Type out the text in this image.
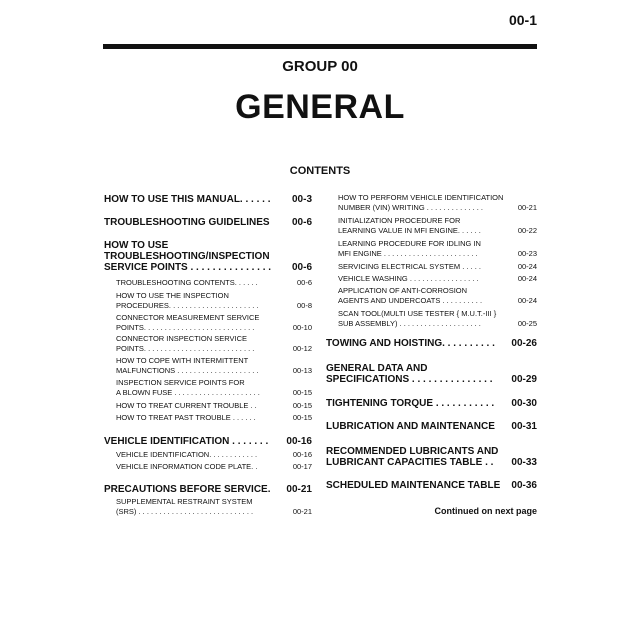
00-1
GROUP 00
GENERAL
CONTENTS
HOW TO USE THIS MANUAL. . . . . . 00-3
TROUBLESHOOTING GUIDELINES 00-6
HOW TO USE
TROUBLESHOOTING/INSPECTION
SERVICE POINTS . . . . . . . . . . . . . . . 00-6
TROUBLESHOOTING CONTENTS. . . . . .	00-6
HOW TO USE THE INSPECTION
PROCEDURES. . . . . . . . . . . . . . . . . . . . . .	00-8
CONNECTOR MEASUREMENT SERVICE
POINTS. . . . . . . . . . . . . . . . . . . . . . . . . . .	00-10
CONNECTOR INSPECTION SERVICE
POINTS. . . . . . . . . . . . . . . . . . . . . . . . . . .	00-12
HOW TO COPE WITH INTERMITTENT
MALFUNCTIONS . . . . . . . . . . . . . . . . . . . .	00-13
INSPECTION SERVICE POINTS FOR
A BLOWN FUSE . . . . . . . . . . . . . . . . . . . . .	00-15
HOW TO TREAT CURRENT TROUBLE . .	00-15
HOW TO TREAT PAST TROUBLE . . . . . .	00-15
VEHICLE IDENTIFICATION . . . . . . . 00-16
VEHICLE IDENTIFICATION. . . . . . . . . . . .	00-16
VEHICLE INFORMATION CODE PLATE. .	00-17
PRECAUTIONS BEFORE SERVICE. 00-21
SUPPLEMENTAL RESTRAINT SYSTEM
(SRS) . . . . . . . . . . . . . . . . . . . . . . . . . . . .	00-21
HOW TO PERFORM VEHICLE IDENTIFICATION
NUMBER (VIN) WRITING . . . . . . . . . . . . . .	00-21
INITIALIZATION PROCEDURE FOR
LEARNING VALUE IN MFI ENGINE. . . . . .	00-22
LEARNING PROCEDURE FOR IDLING IN
MFI ENGINE . . . . . . . . . . . . . . . . . . . . . . .	00-23
SERVICING ELECTRICAL SYSTEM . . . . .	00-24
VEHICLE WASHING . . . . . . . . . . . . . . . . .	00-24
APPLICATION OF ANTI-CORROSION
AGENTS AND UNDERCOATS . . . . . . . . . .	00-24
SCAN TOOL(MULTI USE TESTER { M.U.T.-III }
SUB ASSEMBLY) . . . . . . . . . . . . . . . . . . . .	00-25
TOWING AND HOISTING. . . . . . . . . . 00-26
GENERAL DATA AND
SPECIFICATIONS . . . . . . . . . . . . . . . 00-29
TIGHTENING TORQUE . . . . . . . . . . . 00-30
LUBRICATION AND MAINTENANCE 00-31
RECOMMENDED LUBRICANTS AND
LUBRICANT CAPACITIES TABLE . . 00-33
SCHEDULED MAINTENANCE TABLE 00-36
Continued on next page
